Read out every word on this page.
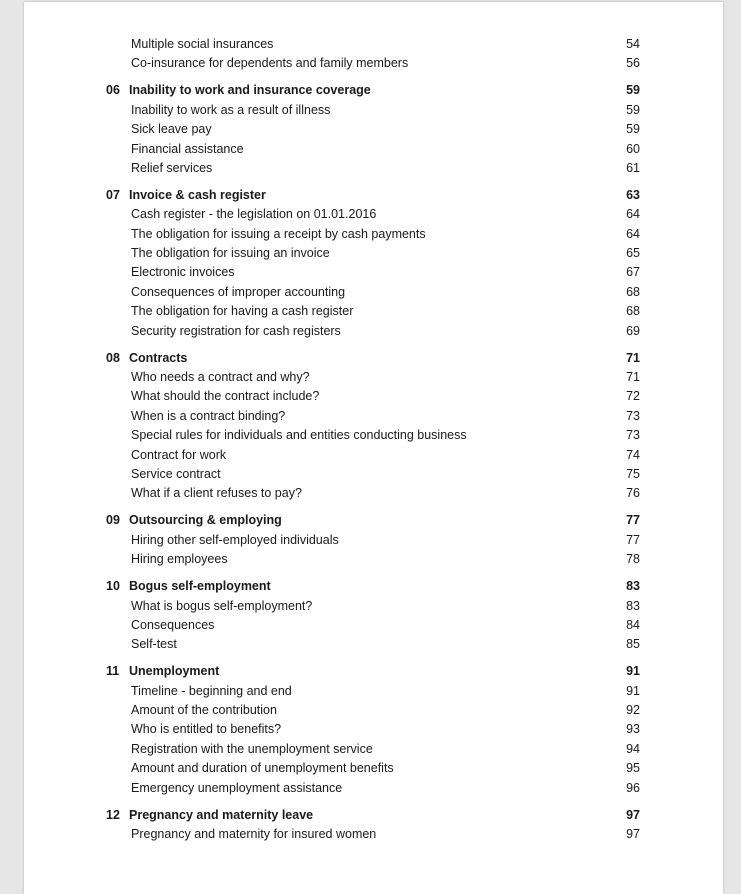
Multiple social insurances	54
Co-insurance for dependents and family members	56
06 Inability to work and insurance coverage	59
Inability to work as a result of illness	59
Sick leave pay	59
Financial assistance	60
Relief services	61
07 Invoice & cash register	63
Cash register - the legislation on 01.01.2016	64
The obligation for issuing a receipt by cash payments	64
The obligation for issuing an invoice	65
Electronic invoices	67
Consequences of improper accounting	68
The obligation for having a cash register	68
Security registration for cash registers	69
08 Contracts	71
Who needs a contract and why?	71
What should the contract include?	72
When is a contract binding?	73
Special rules for individuals and entities conducting business	73
Contract for work	74
Service contract	75
What if a client refuses to pay?	76
09 Outsourcing & employing	77
Hiring other self-employed individuals	77
Hiring employees	78
10 Bogus self-employment	83
What is bogus self-employment?	83
Consequences	84
Self-test	85
11 Unemployment	91
Timeline - beginning and end	91
Amount of the contribution	92
Who is entitled to benefits?	93
Registration with the unemployment service	94
Amount and duration of unemployment benefits	95
Emergency unemployment assistance	96
12 Pregnancy and maternity leave	97
Pregnancy and maternity for insured women	97
